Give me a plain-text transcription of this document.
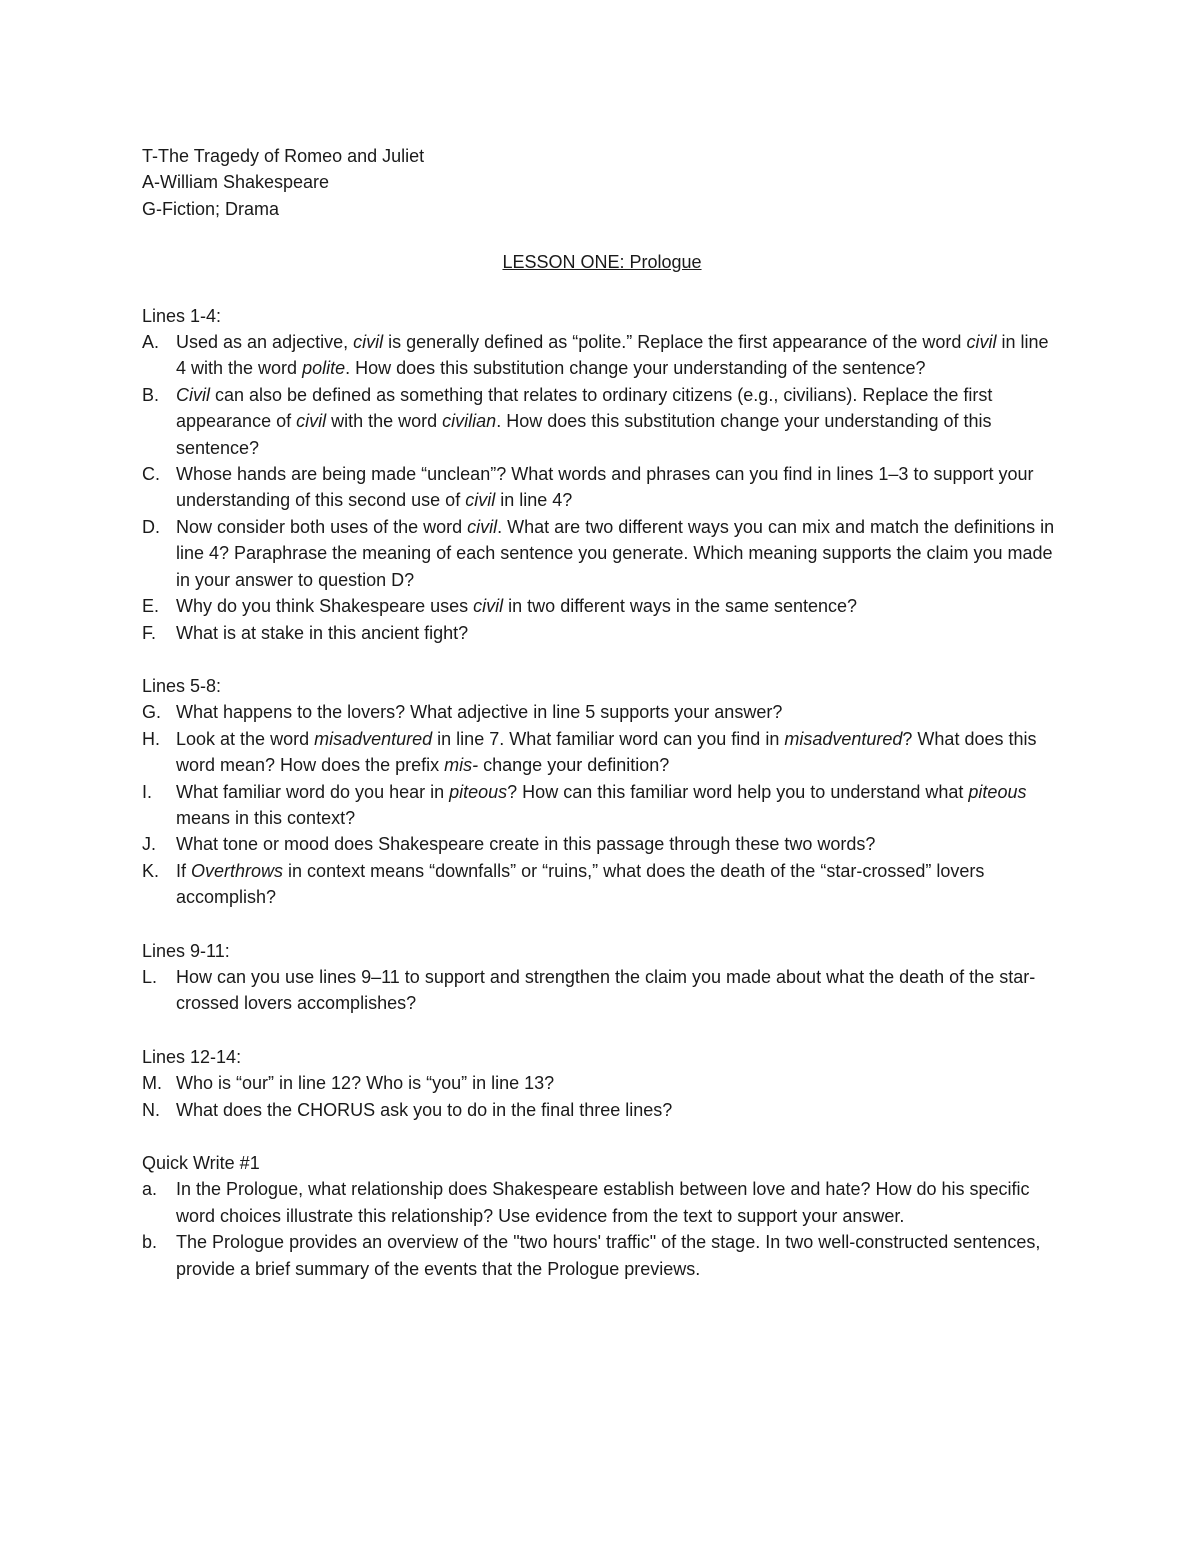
T-The Tragedy of Romeo and Juliet

A-William Shakespeare

G-Fiction; Drama

LESSON ONE: Prologue

Lines 1-4:

A. Used as an adjective, civil is generally defined as “polite.” Replace the first appearance of the word civil in line 4 with the word polite. How does this substitution change your understanding of the sentence?
B. Civil can also be defined as something that relates to ordinary citizens (e.g., civilians). Replace the first appearance of civil with the word civilian. How does this substitution change your understanding of this sentence?
C. Whose hands are being made “unclean”? What words and phrases can you find in lines 1–3 to support your understanding of this second use of civil in line 4?
D. Now consider both uses of the word civil. What are two different ways you can mix and match the definitions in line 4? Paraphrase the meaning of each sentence you generate. Which meaning supports the claim you made in your answer to question D?
E. Why do you think Shakespeare uses civil in two different ways in the same sentence?
F. What is at stake in this ancient fight?

Lines 5-8:

G. What happens to the lovers? What adjective in line 5 supports your answer?
H. Look at the word misadventured in line 7. What familiar word can you find in misadventured? What does this word mean? How does the prefix mis- change your definition?
I. What familiar word do you hear in piteous? How can this familiar word help you to understand what piteous means in this context?
J. What tone or mood does Shakespeare create in this passage through these two words?
K. If Overthrows in context means “downfalls” or “ruins,” what does the death of the “star-crossed” lovers accomplish?

Lines 9-11:

L. How can you use lines 9–11 to support and strengthen the claim you made about what the death of the star-crossed lovers accomplishes?

Lines 12-14:

M. Who is “our” in line 12? Who is “you” in line 13?
N. What does the CHORUS ask you to do in the final three lines?

Quick Write #1

a. In the Prologue, what relationship does Shakespeare establish between love and hate? How do his specific word choices illustrate this relationship? Use evidence from the text to support your answer.
b. The Prologue provides an overview of the "two hours' traffic" of the stage. In two well-constructed sentences, provide a brief summary of the events that the Prologue previews.
